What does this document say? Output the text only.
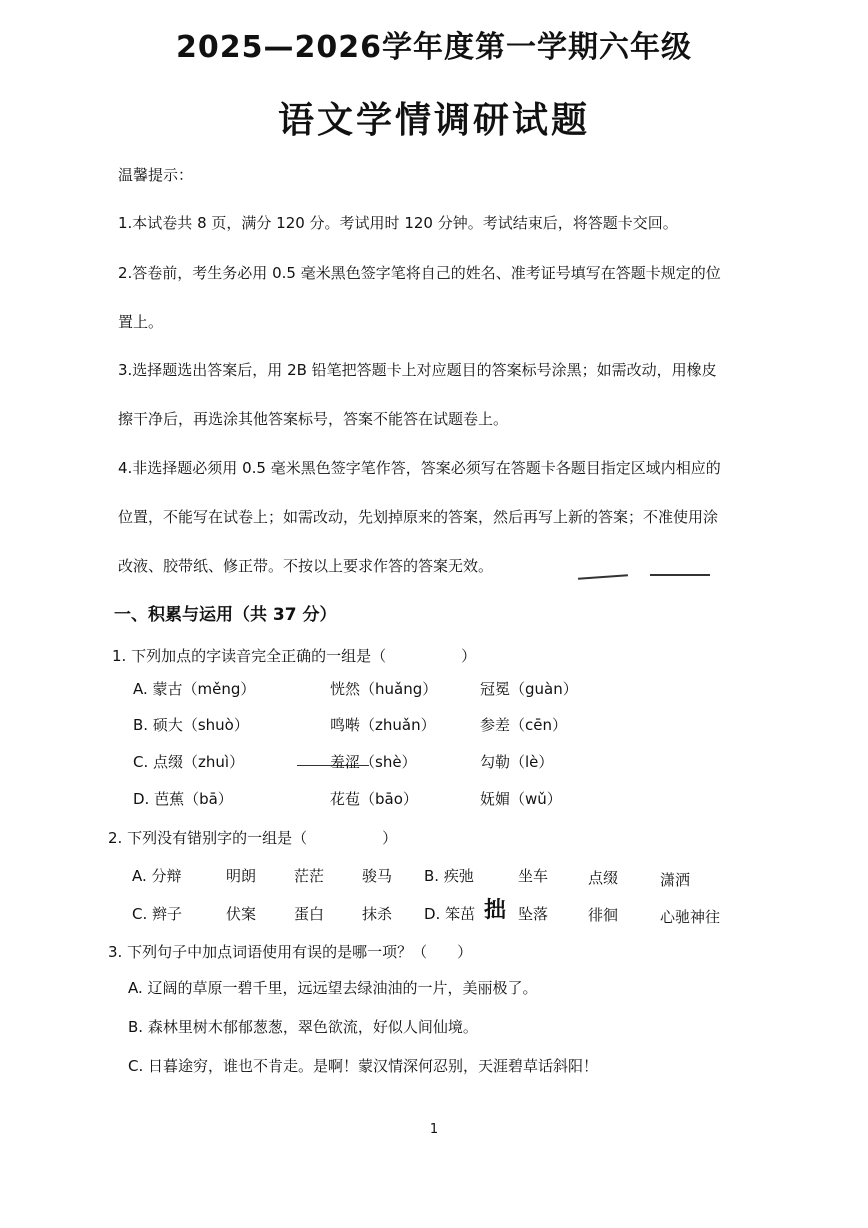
2025—2026学年度第一学期六年级
语文学情调研试题
温馨提示：
1.本试卷共 8 页，满分 120 分。考试用时 120 分钟。考试结束后，将答题卡交回。
2.答卷前，考生务必用 0.5 毫米黑色签字笔将自己的姓名、准考证号填写在答题卡规定的位
置上。
3.选择题选出答案后，用 2B 铅笔把答题卡上对应题目的答案标号涂黑；如需改动，用橡皮
擦干净后，再选涂其他答案标号，答案不能答在试题卷上。
4.非选择题必须用 0.5 毫米黑色签字笔作答，答案必须写在答题卡各题目指定区域内相应的
位置，不能写在试卷上；如需改动，先划掉原来的答案，然后再写上新的答案；不准使用涂
改液、胶带纸、修正带。不按以上要求作答的答案无效。
一、积累与运用（共 37 分）
1. 下列加点的字读音完全正确的一组是（　　　　　）
A. 蒙古（měng）	恍然（huǎng）	冠冕（guàn）
B. 硕大（shuò）	鸣啭（zhuǎn）	参差（cēn）
C. 点缀（zhuì）	羞涩（shè）	勾勒（lè）
D. 芭蕉（bā）	花苞（bāo）	妩媚（wǔ）
2. 下列没有错别字的一组是（　　　　　）
A. 分辩	明朗	茫茫	骏马 B. 疾弛	坐车	点缀	潇洒
C. 辫子	伏案	蛋白	抹杀 D. 笨茁 拙 坠落	徘徊	心驰神往
3. 下列句子中加点词语使用有误的是哪一项？（　　）
A. 辽阔的草原一碧千里，远远望去绿油油的一片，美丽极了。
B. 森林里树木郁郁葱葱，翠色欲流，好似人间仙境。
C. 日暮途穷，谁也不肯走。是啊！蒙汉情深何忍别，天涯碧草话斜阳！
1
